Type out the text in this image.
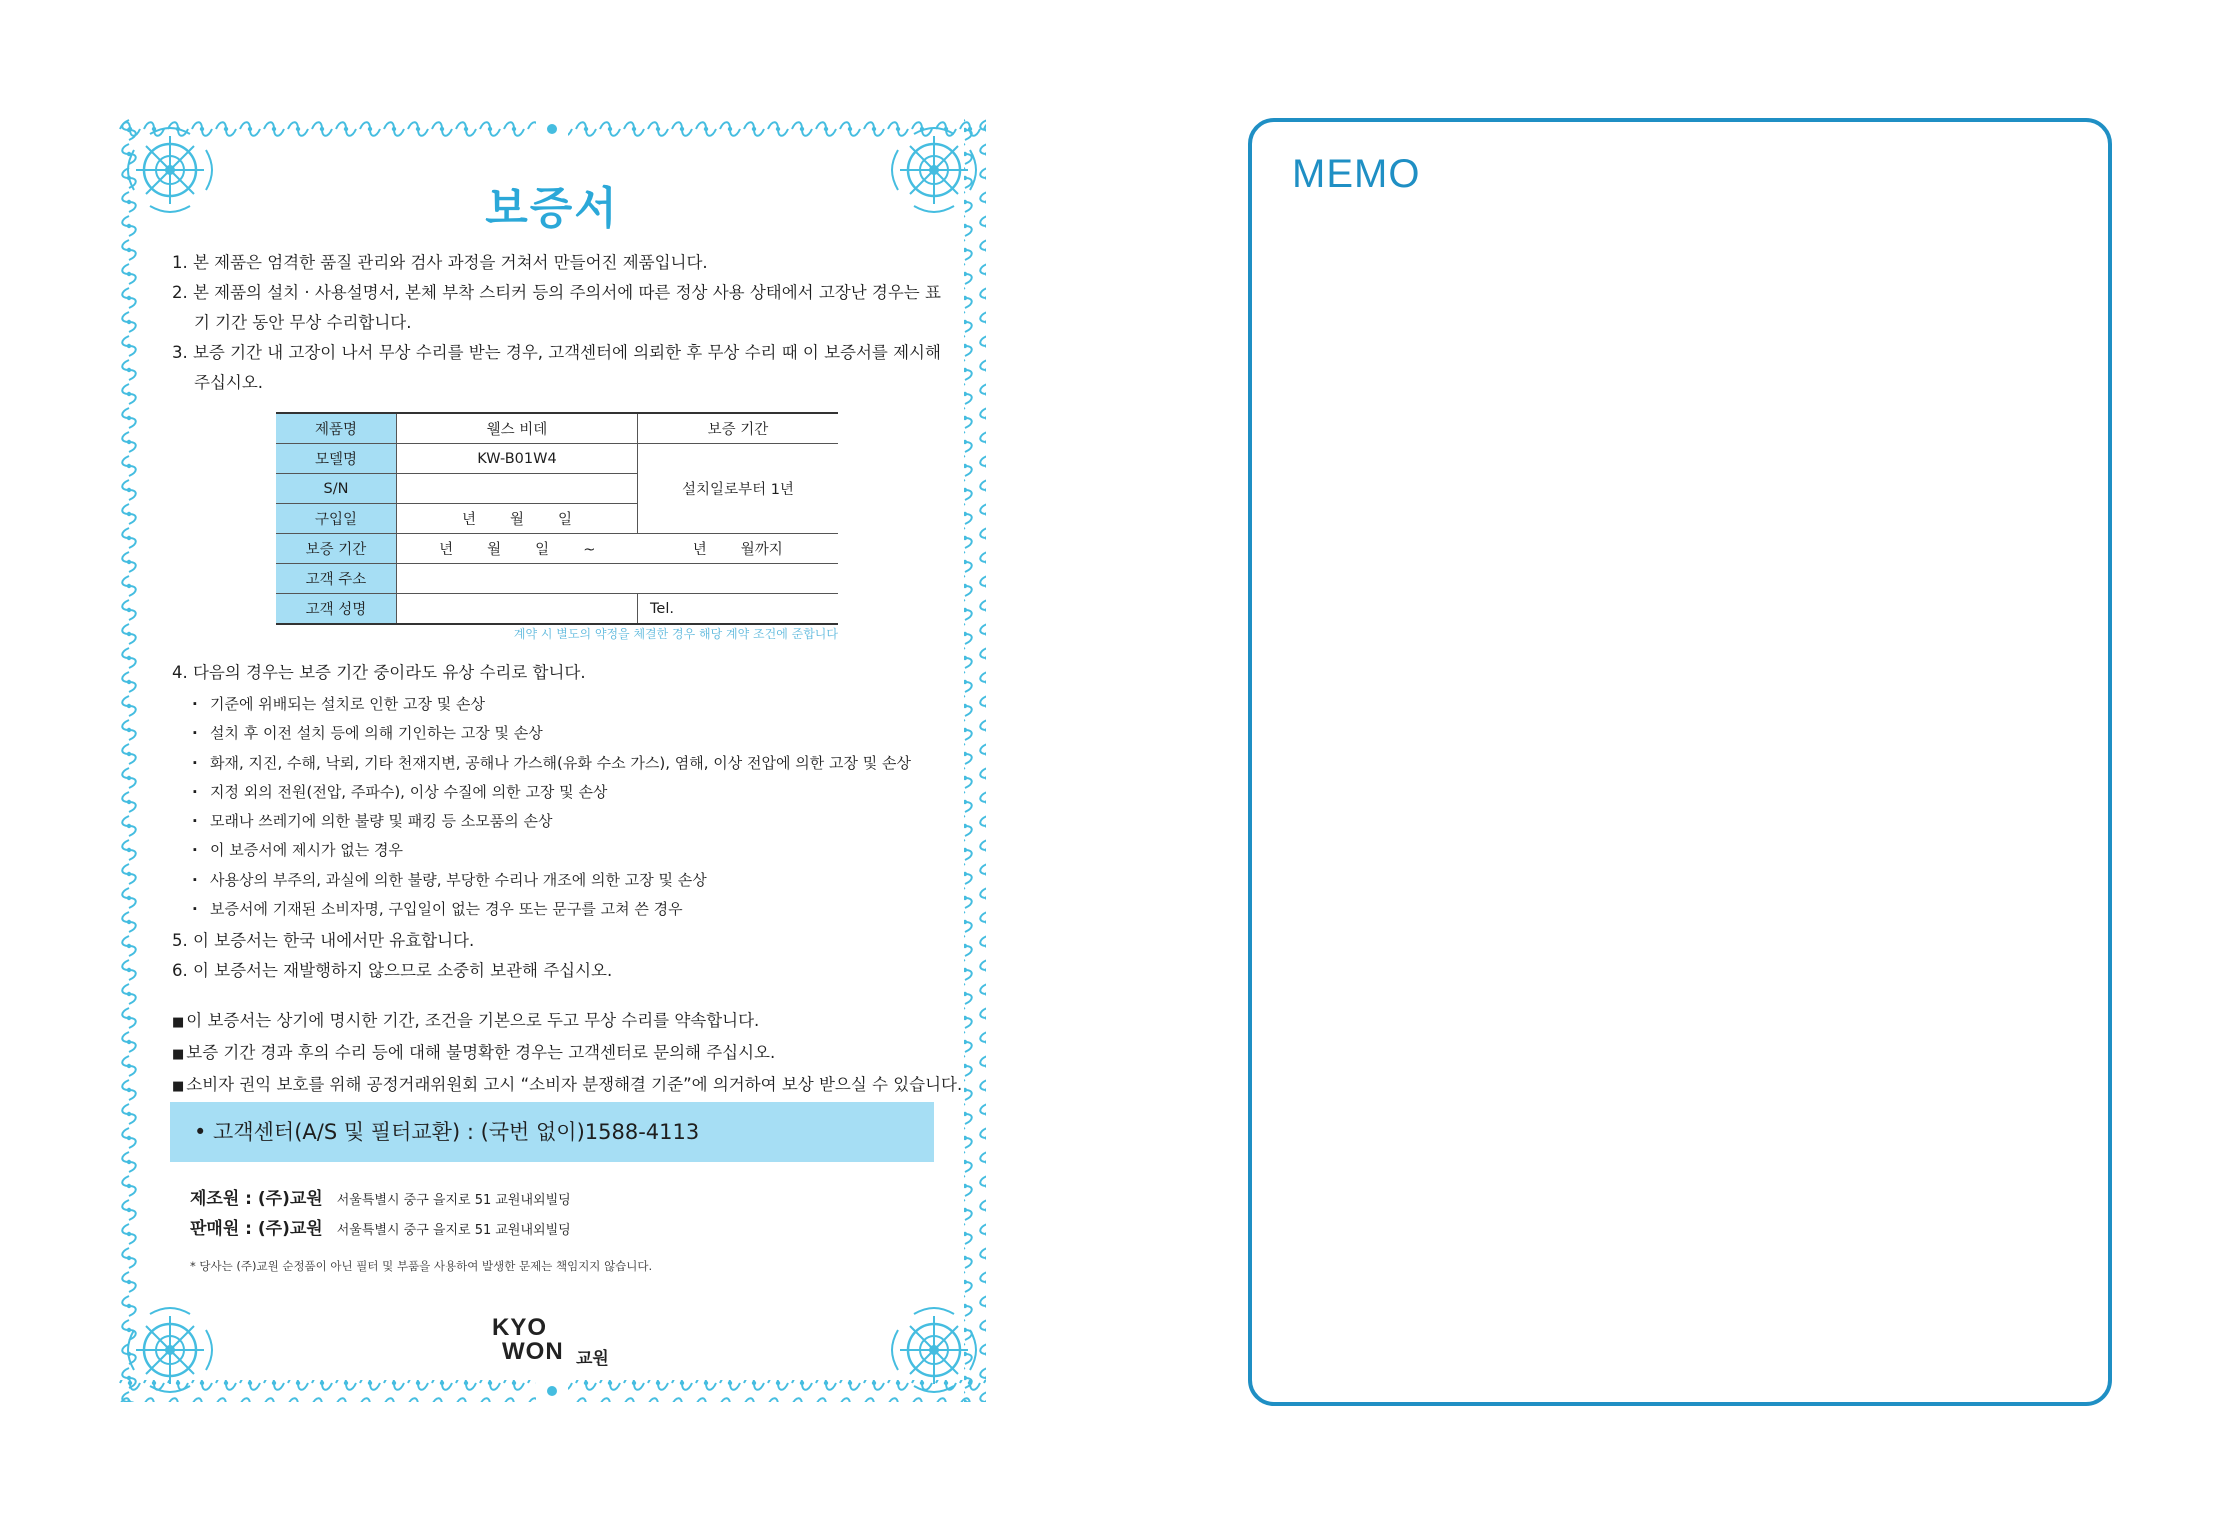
보증서
1. 본 제품은 엄격한 품질 관리와 검사 과정을 거쳐서 만들어진 제품입니다.
2. 본 제품의 설치 · 사용설명서, 본체 부착 스티커 등의 주의서에 따른 정상 사용 상태에서 고장난 경우는 표기 기간 동안 무상 수리합니다.
3. 보증 기간 내 고장이 나서 무상 수리를 받는 경우, 고객센터에 의뢰한 후 무상 수리 때 이 보증서를 제시해 주십시오.
제품명	웰스 비데	보증 기간
모델명	KW-B01W4	설치일로부터 1년
S/N		
구입일	년 월 일	
보증 기간	년 월 일 ~	년 월까지
고객 주소		
고객 성명		Tel.
계약 시 별도의 약정을 체결한 경우 해당 계약 조건에 준합니다
4. 다음의 경우는 보증 기간 중이라도 유상 수리로 합니다.
· 기준에 위배되는 설치로 인한 고장 및 손상
· 설치 후 이전 설치 등에 의해 기인하는 고장 및 손상
· 화재, 지진, 수해, 낙뢰, 기타 천재지변, 공해나 가스해(유화 수소 가스), 염해, 이상 전압에 의한 고장 및 손상
· 지정 외의 전원(전압, 주파수), 이상 수질에 의한 고장 및 손상
· 모래나 쓰레기에 의한 불량 및 패킹 등 소모품의 손상
· 이 보증서에 제시가 없는 경우
· 사용상의 부주의, 과실에 의한 불량, 부당한 수리나 개조에 의한 고장 및 손상
· 보증서에 기재된 소비자명, 구입일이 없는 경우 또는 문구를 고쳐 쓴 경우
5. 이 보증서는 한국 내에서만 유효합니다.
6. 이 보증서는 재발행하지 않으므로 소중히 보관해 주십시오.
■ 이 보증서는 상기에 명시한 기간, 조건을 기본으로 두고 무상 수리를 약속합니다.
■ 보증 기간 경과 후의 수리 등에 대해 불명확한 경우는 고객센터로 문의해 주십시오.
■ 소비자 권익 보호를 위해 공정거래위원회 고시 “소비자 분쟁해결 기준”에 의거하여 보상 받으실 수 있습니다.
• 고객센터(A/S 및 필터교환) : (국번 없이)1588-4113
제조원 : (주)교원 서울특별시 중구 을지로 51 교원내외빌딩
판매원 : (주)교원 서울특별시 중구 을지로 51 교원내외빌딩
* 당사는 (주)교원 순정품이 아닌 필터 및 부품을 사용하여 발생한 문제는 책임지지 않습니다.
KYO
WON 교원
MEMO
